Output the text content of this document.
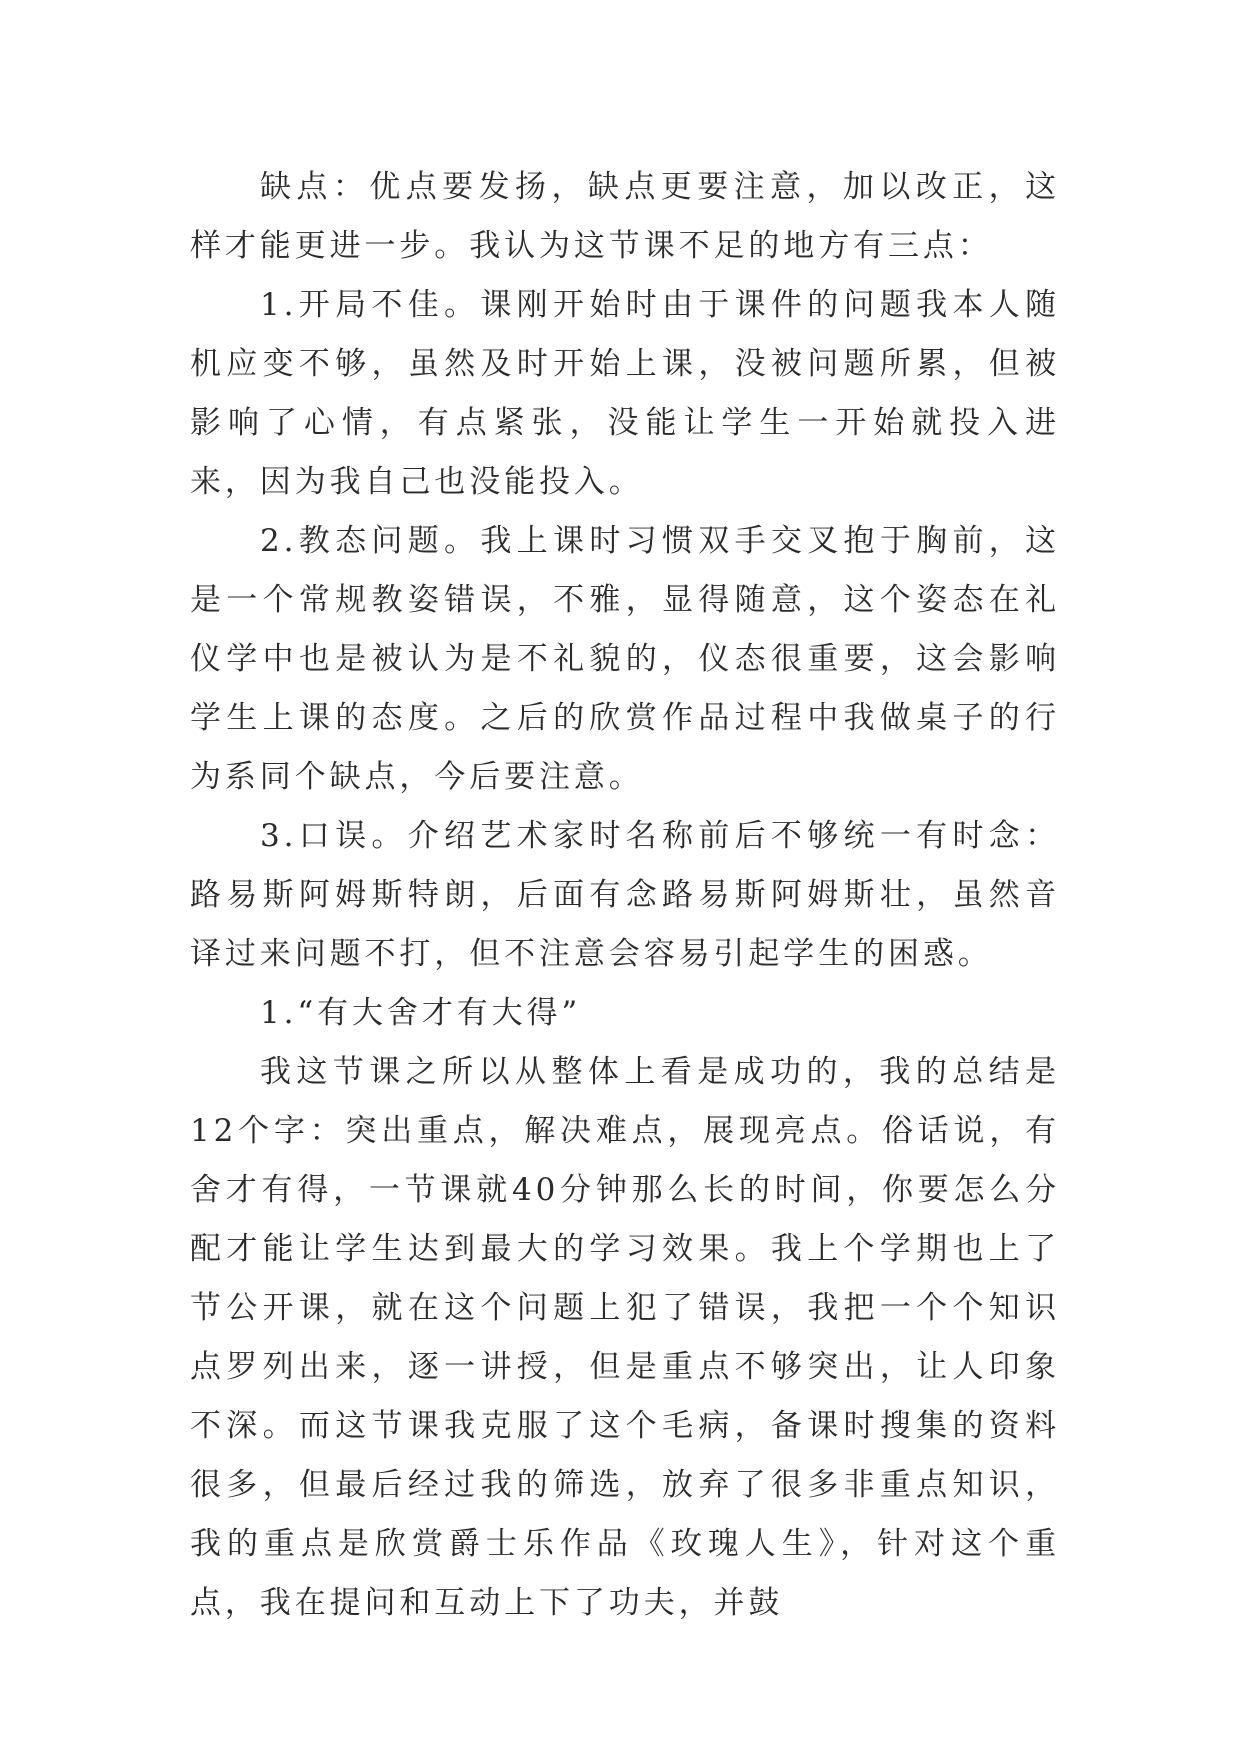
缺点：优点要发扬，缺点更要注意，加以改正，这样才能更进一步。我认为这节课不足的地方有三点：

1.开局不佳。课刚开始时由于课件的问题我本人随机应变不够，虽然及时开始上课，没被问题所累，但被影响了心情，有点紧张，没能让学生一开始就投入进来，因为我自己也没能投入。

2.教态问题。我上课时习惯双手交叉抱于胸前，这是一个常规教姿错误，不雅，显得随意，这个姿态在礼仪学中也是被认为是不礼貌的，仪态很重要，这会影响学生上课的态度。之后的欣赏作品过程中我做桌子的行为系同个缺点，今后要注意。

3.口误。介绍艺术家时名称前后不够统一有时念：路易斯阿姆斯特朗，后面有念路易斯阿姆斯壮，虽然音译过来问题不打，但不注意会容易引起学生的困惑。

1.“有大舍才有大得”

我这节课之所以从整体上看是成功的，我的总结是12个字：突出重点，解决难点，展现亮点。俗话说，有舍才有得，一节课就40分钟那么长的时间，你要怎么分配才能让学生达到最大的学习效果。我上个学期也上了节公开课，就在这个问题上犯了错误，我把一个个知识点罗列出来，逐一讲授，但是重点不够突出，让人印象不深。而这节课我克服了这个毛病，备课时搜集的资料很多，但最后经过我的筛选，放弃了很多非重点知识，我的重点是欣赏爵士乐作品《玫瑰人生》，针对这个重点，我在提问和互动上下了功夫，并鼓
